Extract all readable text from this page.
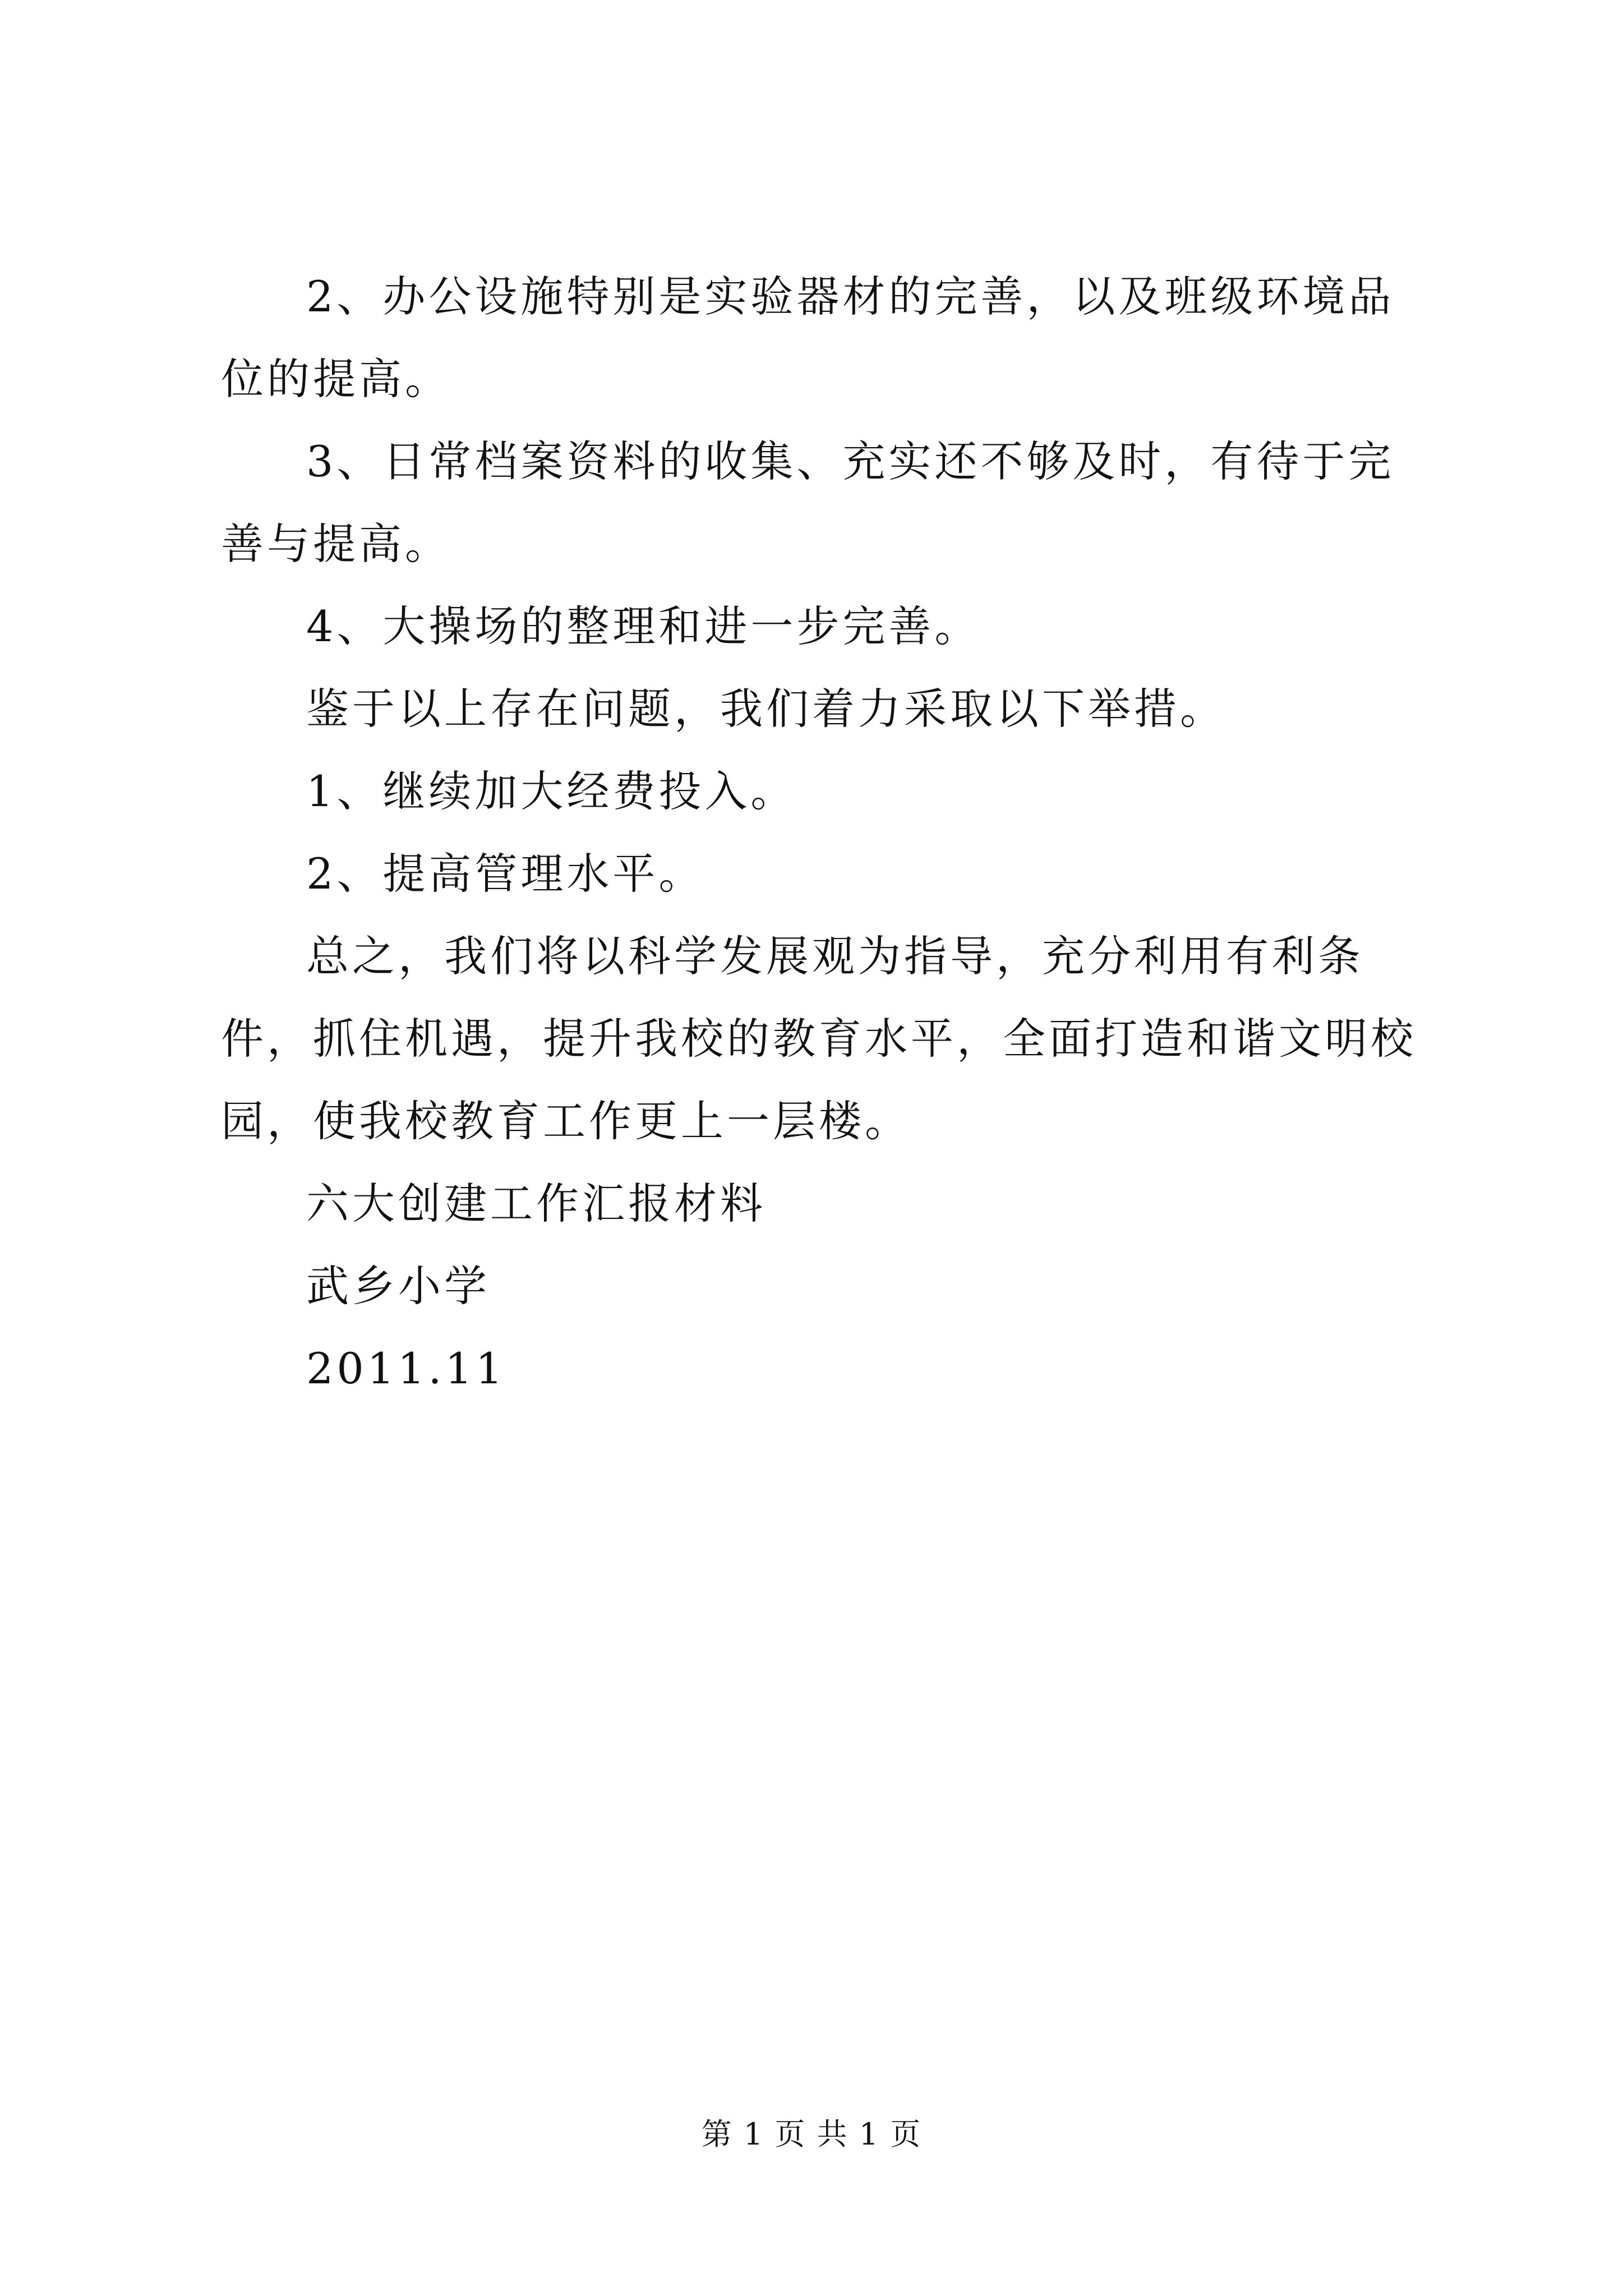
2、办公设施特别是实验器材的完善，以及班级环境品位的提高。

3、日常档案资料的收集、充实还不够及时，有待于完善与提高。

4、大操场的整理和进一步完善。

鉴于以上存在问题，我们着力采取以下举措。

1、继续加大经费投入。

2、提高管理水平。

总之，我们将以科学发展观为指导，充分利用有利条件，抓住机遇，提升我校的教育水平，全面打造和谐文明校园，使我校教育工作更上一层楼。

六大创建工作汇报材料

武乡小学

2011.11

第 1 页 共 1 页
